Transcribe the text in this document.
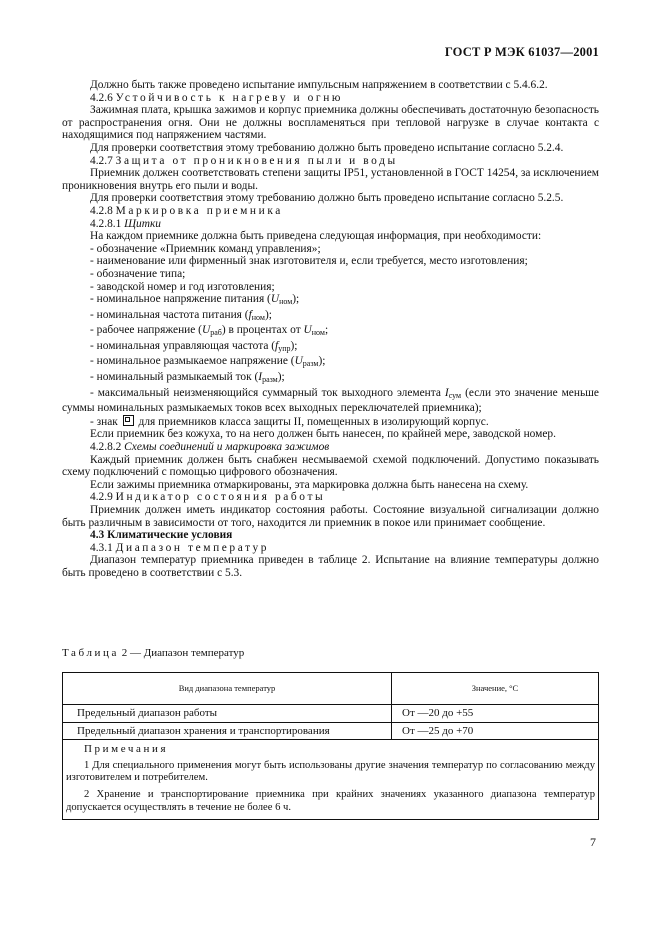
ГОСТ Р МЭК 61037—2001

Должно быть также проведено испытание импульсным напряжением в соответствии с 5.4.6.2.

4.2.6 Устойчивость к нагреву и огню

Зажимная плата, крышка зажимов и корпус приемника должны обеспечивать достаточную безопасность от распространения огня. Они не должны воспламеняться при тепловой нагрузке в случае контакта с находящимися под напряжением частями.

Для проверки соответствия этому требованию должно быть проведено испытание согласно 5.2.4.

4.2.7 Защита от проникновения пыли и воды

Приемник должен соответствовать степени защиты IP51, установленной в ГОСТ 14254, за исключением проникновения внутрь его пыли и воды.

Для проверки соответствия этому требованию должно быть проведено испытание согласно 5.2.5.

4.2.8 Маркировка приемника

4.2.8.1 Щитки

На каждом приемнике должна быть приведена следующая информация, при необходимости:

- обозначение «Приемник команд управления»;

- наименование или фирменный знак изготовителя и, если требуется, место изготовления;

- обозначение типа;

- заводской номер и год изготовления;

- номинальное напряжение питания $(U_{ном})$;

- номинальная частота питания $(f_{ном})$;

- рабочее напряжение $(U_{раб})$ в процентах от $U_{ном}$;

- номинальная управляющая частота $(f_{упр})$;

- номинальное размыкаемое напряжение $(U_{разм})$;

- номинальный размыкаемый ток $(I_{разм})$;

- максимальный неизменяющийся суммарный ток выходного элемента $I_{сум}$ (если это значение меньше суммы номинальных размыкаемых токов всех выходных переключателей приемника);

- знак для приемников класса защиты II, помещенных в изолирующий корпус.

Если приемник без кожуха, то на него должен быть нанесен, по крайней мере, заводской номер.

4.2.8.2 Схемы соединений и маркировка зажимов

Каждый приемник должен быть снабжен несмываемой схемой подключений. Допустимо показывать схему подключений с помощью цифрового обозначения.

Если зажимы приемника отмаркированы, эта маркировка должна быть нанесена на схему.

4.2.9 Индикатор состояния работы

Приемник должен иметь индикатор состояния работы. Состояние визуальной сигнализации должно быть различным в зависимости от того, находится ли приемник в покое или принимает сообщение.

4.3 Климатические условия

4.3.1 Диапазон температур

Диапазон температур приемника приведен в таблице 2. Испытание на влияние температуры должно быть проведено в соответствии с 5.3.

Таблица 2 — Диапазон температур
Вид диапазона температур	Значение, °С
Предельный диапазон работы	От —20 до +55
Предельный диапазон хранения и транспортирования	От —25 до +70

Примечания

1 Для специального применения могут быть использованы другие значения температур по согласованию между изготовителем и потребителем.

2 Хранение и транспортирование приемника при крайних значениях указанного диапазона температур допускается осуществлять в течение не более 6 ч.	

7
